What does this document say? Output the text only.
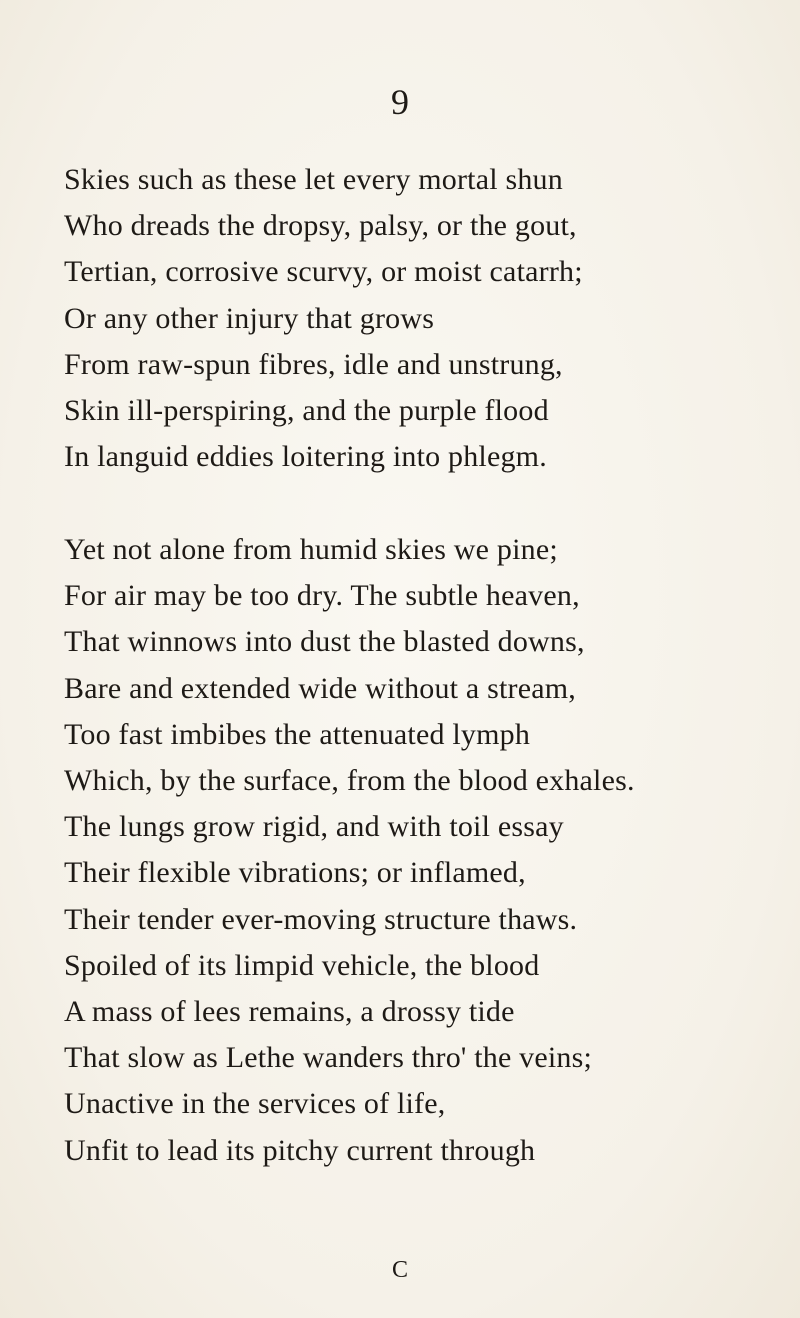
9
Skies such as these let every mortal shun
Who dreads the dropsy, palsy, or the gout,
Tertian, corrosive scurvy, or moist catarrh;
Or any other injury that grows
From raw-spun fibres, idle and unstrung,
Skin ill-perspiring, and the purple flood
In languid eddies loitering into phlegm.
Yet not alone from humid skies we pine;
For air may be too dry. The subtle heaven,
That winnows into dust the blasted downs,
Bare and extended wide without a stream,
Too fast imbibes the attenuated lymph
Which, by the surface, from the blood exhales.
The lungs grow rigid, and with toil essay
Their flexible vibrations; or inflamed,
Their tender ever-moving structure thaws.
Spoiled of its limpid vehicle, the blood
A mass of lees remains, a drossy tide
That slow as Lethe wanders thro' the veins;
Unactive in the services of life,
Unfit to lead its pitchy current through
C
